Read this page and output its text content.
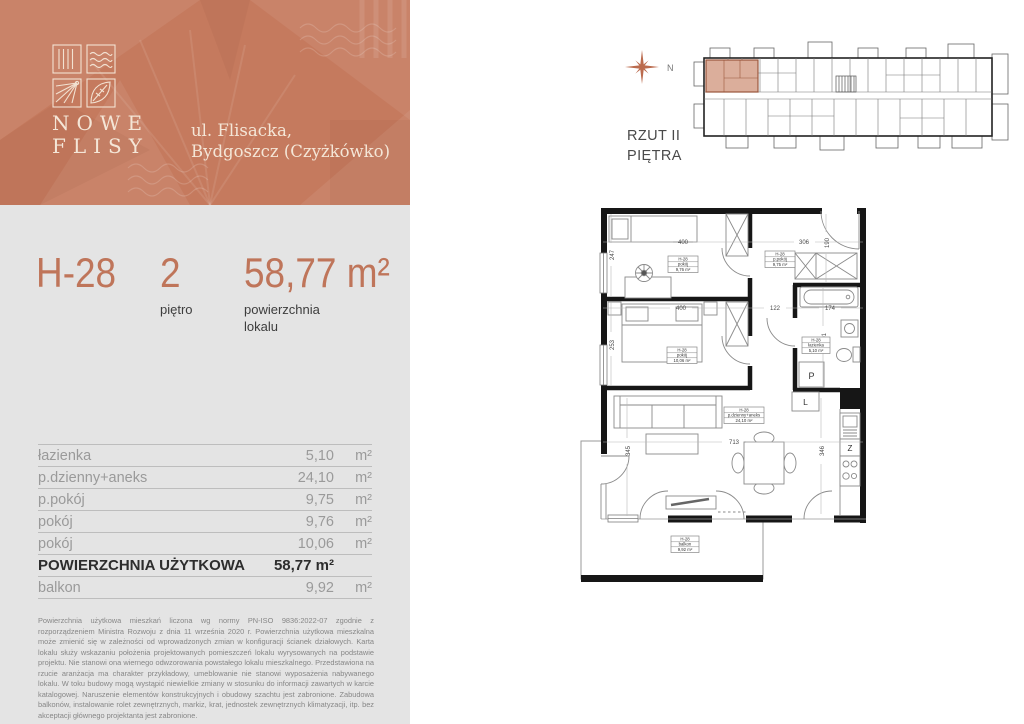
NOWE
FLISY
ul. Flisacka,
Bydgoszcz (Czyżkówko)
H-28 2 58,77 m²
piętro	powierzchnia
lokalu
łazienka	5,10	m²
p.dzienny+aneks	24,10	m²
p.pokój	9,75	m²
pokój	9,76	m²
pokój	10,06	m²
POWIERZCHNIA UŻYTKOWA	58,77 m²
balkon	9,92	m²
Powierzchnia użytkowa mieszkań liczona wg normy PN-ISO 9836:2022-07 zgodnie z rozporządzeniem Ministra Rozwoju z dnia 11 września 2020 r. Powierzchnia użytkowa mieszkalna może zmienić się w zależności od wprowadzonych zmian w konfiguracji ścianek działowych. Karta lokalu służy wskazaniu położenia projektowanych pomieszczeń lokalu wyrysowanych na podstawie projektu. Nie stanowi ona wiernego odwzorowania powstałego lokalu mieszkalnego. Przedstawiona na rzucie aranżacja ma charakter przykładowy, umeblowanie nie stanowi wyposażenia nabywanego lokalu. W toku budowy mogą wystąpić niewielkie zmiany w stosunku do informacji zawartych w karcie katalogowej. Naruszenie elementów konstrukcyjnych i obudowy szachtu jest zabronione. Zabudowa balkonów, instalowanie rolet zewnętrznych, markiz, krat, jednostek zewnętrznych klimatyzacji, itp. bez akceptacji głównego projektanta jest zabronione.
N
RZUT II
PIĘTRA
P
L
Z
400	306
400	122	174
713
247
190
253
345	346
H-28
pokój
9,76 m²
H-28
p.pokój
9,75 m²
H-28
łazienka
5,10 m²
H-28
pokój
10,06 m²
H-28
p.dzienny+aneks
24,10 m²
H-28
balkon
9,92 m²
